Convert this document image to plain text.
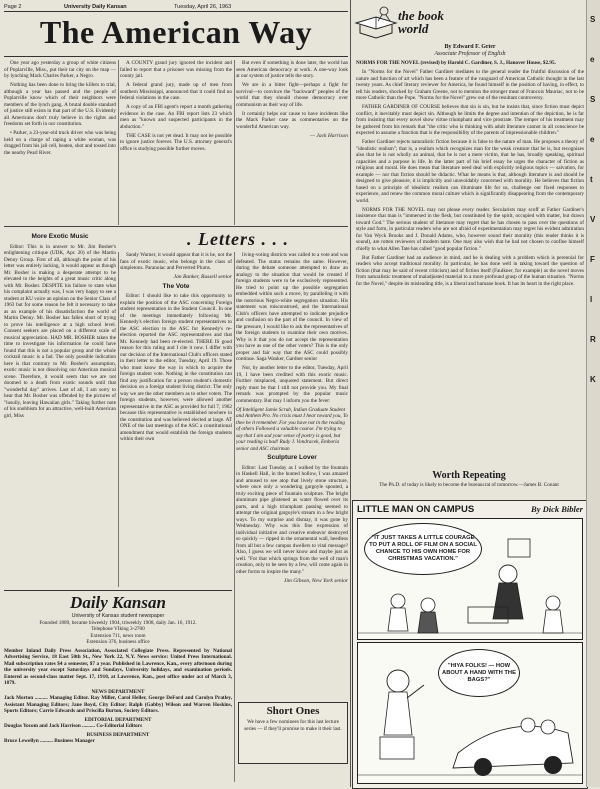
Page 2	University Daily Kansan	Tuesday, April 26, 1963
The American Way

One year ago yesterday a group of white citizens of Poplarville, Miss., put their tar city on the map — by lynching Mack Charles Parker, a Negro.

Nothing has been done to bring the killers to trial, although a year has passed and the people of Poplarville know which of their neighbors were members of the lynch gang. A brutal double standard of justice still exists in that part of the U.S. Evidently all Americans don't truly believe in the rights and freedoms set forth in our constitution.

• Parker, a 23-year-old truck driver who was being held on a charge of raping a white woman, was dragged from his jail cell, beaten, shot and tossed into the nearby Pearl River.

A COUNTY grand jury ignored the incident and failed to report that a prisoner was missing from the county jail.

A federal grand jury, made up of men from southern Mississippi, announced that it could find no federal violations in the case.

A copy of an FBI agent's report a month gathering evidence in the case. An FBI report lists 23 which men as "known and suspected participants in the abduction."

THE CASE is not yet dead. It may not be possible to ignore justice forever. The U.S. attorney general's office is studying possible further moves.

But even if something is done later, the world has seen American democracy at work. A one-way look at our system of justice tells the story.

We are in a bitter fight—perhaps a fight for survival—to convince the "backward" peoples of the world that they should choose democracy over communism as their way of life.

It certainly helps our cause to have incidents like the Mack Parker case as commentaries on the wonderful American way.

— Jack Harrison
. Letters . . .
More Exotic Music

Editor: This is in answer to Mr. Jim Bosher's enlightening critique (UDK, Apr. 20) of the Martin Denny Group. First of all, although the point of his letter was entirely lacking, it would appear as though Mr. Bosher is making a desperate attempt to be elevated to the heights of a great music critic along with Mr. Bosher. DESPITE his failure to state what his complaint actually was, I was very happy to see a student at KU voice an opinion on the Senior Class of 1963 but for some reason he felt it necessary to take as an example of his dissatisfaction the world of Martin Denny. Mr. Bosher has fallen short of trying to prove his intelligence at a high school level. Consent seekers are placed on a different scale of musical appreciation. HAD MR. BOSHER taken the time to investigate his information he could have found that this is not a popular group and the whole cocktail music is a fad. The only possible indication here is that contrary to Mr. Bosher's assumption, exotic music is not dissolving our American musical scene. Therefore, it would seem that we are not doomed to a death from exotic sounds until that "wonderful day" arrives. Last of all, I am sorry to hear that Mr. Bosher was offended by the pictures of "lusully, leaving Hawaiian girls." Taking further note of his snobbism for an attractive, well-built American girl, Miss

Sandy Warner, it would appear that it is he, not the fans of exotic music, who belongs in the class of simpletons. Paranoiac and Perverted Plums.

Jan Banker, Russell senior
The Vote

Editor: I should like to take this opportunity to explain the position of the ASC concerning Foreign student representation in the Student Council. In one of the meetings immediately following Mr. Kennedy's election foreign student representatives to the ASC election to the ASC for Kennedy's re-election reported the ASC representatives and that Mr. Kennedy had been re-elected. THERE IS good reason for this ruling and I cite it now. I differ with our decision of the International Club's officers stated in their letter to the editor, Tuesday, April 19. Those who must know the way in which to acquire the foreign student vote. Nothing in the constitution can find any justification for a person student's domestic decision on a foreign student living district. The only way we are the other members as to other voters. The foreign students, however, were allowed another representative in the ASC as provided for full 7, 1962 because this representative is established nowhere in the constitution and was believed elected at large. AT ONE of the last meetings of the ASC a constitutional amendment that would establish the foreign students within their own

living-voting districts was called to a vote and was defeated. The status remains the same. However, during the debate someone attempted to draw an analogy to the situation that would be created if foreign students were to be exclusively represented. He tried to point up the possible segregation embedded within such a move, by paralleling it with the notorious Negro-white segregation situation. His statement was misconstrued, and the International Club's officers have attempted to indicate prejudice and confusion on the part of the council. In view of the pressure, I would like to ask the representatives of the foreign students to examine their own motives. Why is it that you do not accept the representation you have as one of the other voters? This is the only proper and fair way that the ASC could possibly continue. Saga Wanker, Gardner senior

Nor, by another letter to the editor, Tuesday, April 19, I have been credited with this exotic music. Further misplaced, unquoted statement. But direct reply must be that I still not provide you. My final remark was prompted by the popular music commentary. But may I inform you the fever:

Of Intelligent Jamie Scrub, Indian Graduate Student and Anthem Pro. No crisis must I hear toward you, To thee be it remember. For you have not in the reading of others Followed a valuable course. I'm trying to say that I am sad your sense of poetry is good, but your reading is bad! Rudy J. Vondracek, Emboria senior and ASC chairman

Sculpture Lover

Editor: Last Tuesday as I walked by the fountain in Haskell Hall, in the hunted hollow, I was amazed and amused to see atop that lively stone structure, where once only a wondering gargoyle spouted, a truly exciting piece of fountain sculpture. The bright aluminum pipe glistened as water flowed over its parts, and a high triumphant passing seemed to attempt the original gargoyle's stream in a few bright ways. To my surprise and dismay, it was gone by Wednesday. Why was this fine expression of individual initiative and creative endeavor destroyed so quickly — ripped in the ornamental wall, heedless from all but a few campus dwellers to vital message? Also, I guess we will never know and maybe just as well. "For that which springs from the well of man's creation, only to be seen by a few, will come again in other forms to inspire the many."

Jim Gibson, New York senior
Short Ones
We have a few nominees for this last lecture series — if they'll promise to make it their last.
Daily Kansan
University of Kansas student newspaper
Founded 1889, became biweekly 1904, triweekly 1908, daily Jan. 16, 1912.
Telephone VIking 3-2700
Extension 711, news room
Extension 376, business office
Member Inland Daily Press Association, Associated Collegiate Press. Represented by National Advertising Service, 18 East 50th St., New York 22, N.Y. News service: United Press International. Mail subscription rates $4 a semester, $7 a year. Published in Lawrence, Kan., every afternoon during the university year except Saturdays and Sundays, University holidays, and examination periods. Entered as second-class matter Sept. 17, 1910, at Lawrence, Kan., post office under act of March 3, 1879.
NEWS DEPARTMENT
Jack Morton .......... Managing Editor. Ray Miller, Carol Heller, George DeFord and Carolyn Pratley, Assistant Managing Editors; Jane Boyd, City Editor; Ralph (Gabby) Wilson and Warren Hoskins, Sports Editors; Carrie Edwards and Priscilla Burton, Society Editors.
EDITORIAL DEPARTMENT
Douglas Yocom and Jack Harrison .......... Co-Editorial Editors
BUSINESS DEPARTMENT
Bruce Lewellyn .......... Business Manager
the book world
By Edward F. Grier
Associate Professor of English

NORMS FOR THE NOVEL (revised) by Harold C. Gardiner, S. J., Hanover House, $2.95.

In "Norms for the Novel" Father Gardiner mediates to the general reader the fruitful discussion of the nature and function of art which has been a feature of the vanguard of American Catholic thought in the last twenty years. As chief literary reviewer for America, he found himself in the position of having, in effect, to tell his readers, shocked by Graham Greene, not to mention the stronger meat of Francois Mauriac, not to be more Catholic than the Pope. "Norms for the Novel" grew out of the resultant controversy.

FATHER GARDINER OF COURSE believes that sin is sin, but he insists that, since fiction must depict conflict, it inevitably must depict sin. Although he limits the degree and intention of the depiction, he is far from insisting that every novel show virtue triumphant and vice prostrate. The temper of his treatment may be gathered from his remark that "the critic who is thinking with adult literature cannot in all conscience be expected to assume a function that is the responsibility of the parents of impressionable children."

Father Gardiner rejects naturalistic fiction because it is false to the nature of man. He proposes a theory of "idealistic realism"; that is, a realism which recognizes man for the weak creature that he is, but recognizes also that he is not wholly an animal, that he is not a mere victim, that he has, broadly speaking, spiritual capacities and a purpose in life. In the latter part of his brief essay he urges the character of fiction as religious and moral. He does mean that literature need deal with explicitly religious topics — salvation, for example — nor that fiction should be didactic. What he means is that, although literature is and should be designed to give pleasure, it is implicitly and unavoidably concerned with morality. He believes that fiction based on a principle of idealistic realism can illuminate life for us, challenge our fixed responses to experience, and renew the common moral culture which is significantly disappearing from the contemporary world.

NORMS FOR THE NOVEL may not please every reader. Secularists may scoff at Father Gardiner's insistence that man is "immersed in the flesh, but constituted by the spirit, occupied with matter, but drawn toward God." The serious student of literature may regret that he has chosen to pass over the questions of style and form, in particular readers who are not afraid of experimentation may regret his evident admiration for Van Wyck Brooks and J. Donald Adams, who, however sound their morality (this reader thinks it is sound), are rotten reviewers of modern taste. One may also wish that he had not chosen to confine himself chiefly to what Allen Tate has called "good popular fiction."

But Father Gardiner had an audience in mind, and he is dealing with a problem which is perennial for readers who accept traditional morality. In particular, he has done well in taking toward the question of fiction (that may be said of recent criticism) and of fiction itself (Faulkner, for example) as the novel moves from naturalistic treatment of maladjusted material to a more profound grasp of the human situation. "Norms for the Novel," despite its misleading title, is a liberal and humane book. It has its heart in the right place.

Worth Repeating
The Ph.D. of today is likely to become the bureaucrat of tomorrow.—James B. Conant
LITTLE MAN ON CAMPUS	By Dick Bibler
"IT JUST TAKES A LITTLE COURAGE TO PUT A ROLL OF FILM ON A SOCIAL CHANCE TO HIS OWN HOME FOR CHRISTMAS VACATION."
"HIYA FOLKS! — HOW ABOUT A HAND WITH THE BAGS?"
Se Se t V F l R K
